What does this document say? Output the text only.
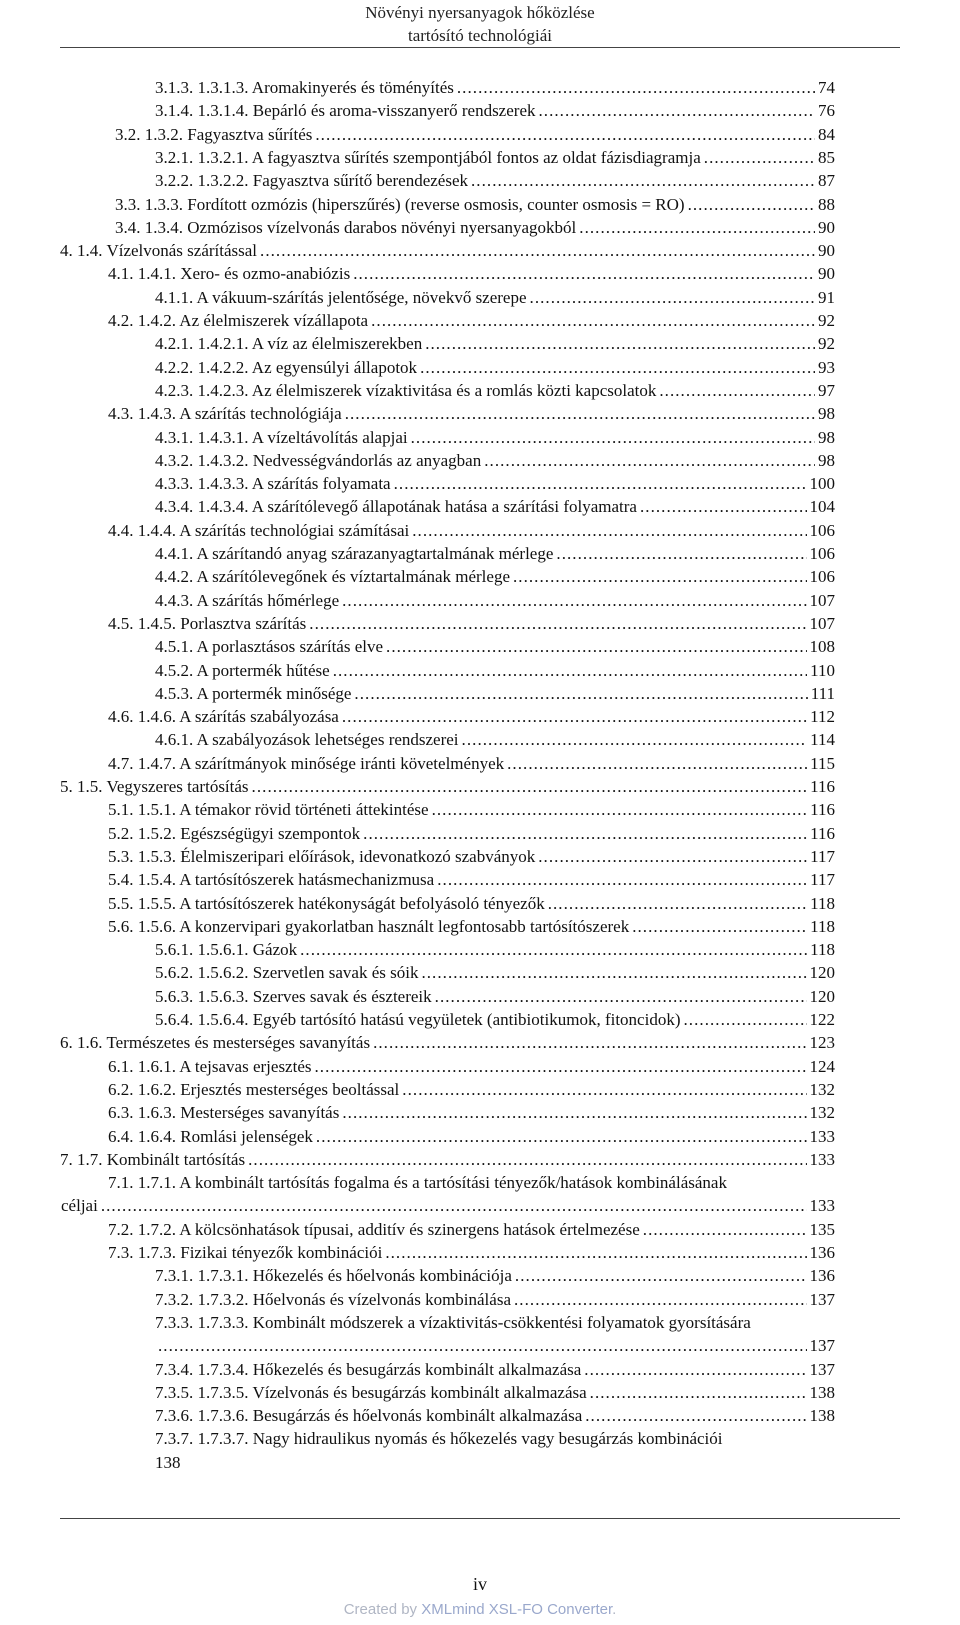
Növényi nyersanyagok hőközlése
tartósító technológiái
3.1.3. 1.3.1.3. Aromakinyerés és töményítés . . .	74
3.1.4. 1.3.1.4. Bepárló és aroma-visszanyerő rendszerek . . .	76
3.2. 1.3.2. Fagyasztva sűrítés . . .	84
3.2.1. 1.3.2.1. A fagyasztva sűrítés szempontjából fontos az oldat fázisdiagramja . . .	85
3.2.2. 1.3.2.2. Fagyasztva sűrítő berendezések . . .	87
3.3. 1.3.3. Fordított ozmózis (hiperszűrés) (reverse osmosis, counter osmosis = RO) . . .	88
3.4. 1.3.4. Ozmózisos vízelvonás darabos növényi nyersanyagokból . . .	90
4. 1.4. Vízelvonás szárítással . . .	90
4.1. 1.4.1. Xero- és ozmo-anabiózis . . .	90
4.1.1. A vákuum-szárítás jelentősége, növekvő szerepe . . .	91
4.2. 1.4.2. Az élelmiszerek vízállapota . . .	92
4.2.1. 1.4.2.1. A víz az élelmiszerekben . . .	92
4.2.2. 1.4.2.2. Az egyensúlyi állapotok . . .	93
4.2.3. 1.4.2.3. Az élelmiszerek vízaktivitása és a romlás közti kapcsolatok . . .	97
4.3. 1.4.3. A szárítás technológiája . . .	98
4.3.1. 1.4.3.1. A vízeltávolítás alapjai . . .	98
4.3.2. 1.4.3.2. Nedvességvándorlás az anyagban . . .	98
4.3.3. 1.4.3.3. A szárítás folyamata . . .	100
4.3.4. 1.4.3.4. A szárítólevegő állapotának hatása a szárítási folyamatra . . .	104
4.4. 1.4.4. A szárítás technológiai számításai . . .	106
4.4.1. A szárítandó anyag szárazanyagtartalmának mérlege . . .	106
4.4.2. A szárítólevegőnek és víztartalmának mérlege . . .	106
4.4.3. A szárítás hőmérlege . . .	107
4.5. 1.4.5. Porlasztva szárítás . . .	107
4.5.1. A porlasztásos szárítás elve . . .	108
4.5.2. A portermék hűtése . . .	110
4.5.3. A portermék minősége . . .	111
4.6. 1.4.6. A szárítás szabályozása . . .	112
4.6.1. A szabályozások lehetséges rendszerei . . .	114
4.7. 1.4.7. A szárítmányok minősége iránti követelmények . . .	115
5. 1.5. Vegyszeres tartósítás . . .	116
5.1. 1.5.1. A témakor rövid történeti áttekintése . . .	116
5.2. 1.5.2. Egészségügyi szempontok . . .	116
5.3. 1.5.3. Élelmiszeripari előírások, idevonatkozó szabványok . . .	117
5.4. 1.5.4. A tartósítószerek hatásmechanizmusa . . .	117
5.5. 1.5.5. A tartósítószerek hatékonyságát befolyásoló tényezők . . .	118
5.6. 1.5.6. A konzervipari gyakorlatban használt legfontosabb tartósítószerek . . .	118
5.6.1. 1.5.6.1. Gázok . . .	118
5.6.2. 1.5.6.2. Szervetlen savak és sóik . . .	120
5.6.3. 1.5.6.3. Szerves savak és észtereik . . .	120
5.6.4. 1.5.6.4. Egyéb tartósító hatású vegyületek (antibiotikumok, fitoncidok) . . .	122
6. 1.6. Természetes és mesterséges savanyítás . . .	123
6.1. 1.6.1. A tejsavas erjesztés . . .	124
6.2. 1.6.2. Erjesztés mesterséges beoltással . . .	132
6.3. 1.6.3. Mesterséges savanyítás . . .	132
6.4. 1.6.4. Romlási jelenségek . . .	133
7. 1.7. Kombinált tartósítás . . .	133
7.1. 1.7.1. A kombinált tartósítás fogalma és a tartósítási tényezők/hatások kombinálásának
céljai . . .	133
7.2. 1.7.2. A kölcsönhatások típusai, additív és szinergens hatások értelmezése . . .	135
7.3. 1.7.3. Fizikai tényezők kombinációi . . .	136
7.3.1. 1.7.3.1. Hőkezelés és hőelvonás kombinációja . . .	136
7.3.2. 1.7.3.2. Hőelvonás és vízelvonás kombinálása . . .	137
7.3.3. 1.7.3.3. Kombinált módszerek a vízaktivitás-csökkentési folyamatok gyorsítására
. . .
137
7.3.4. 1.7.3.4. Hőkezelés és besugárzás kombinált alkalmazása . . .	137
7.3.5. 1.7.3.5. Vízelvonás és besugárzás kombinált alkalmazása . . .	138
7.3.6. 1.7.3.6. Besugárzás és hőelvonás kombinált alkalmazása . . .	138
7.3.7. 1.7.3.7. Nagy hidraulikus nyomás és hőkezelés vagy besugárzás kombinációi
138
iv
Created by XMLmind XSL-FO Converter.
